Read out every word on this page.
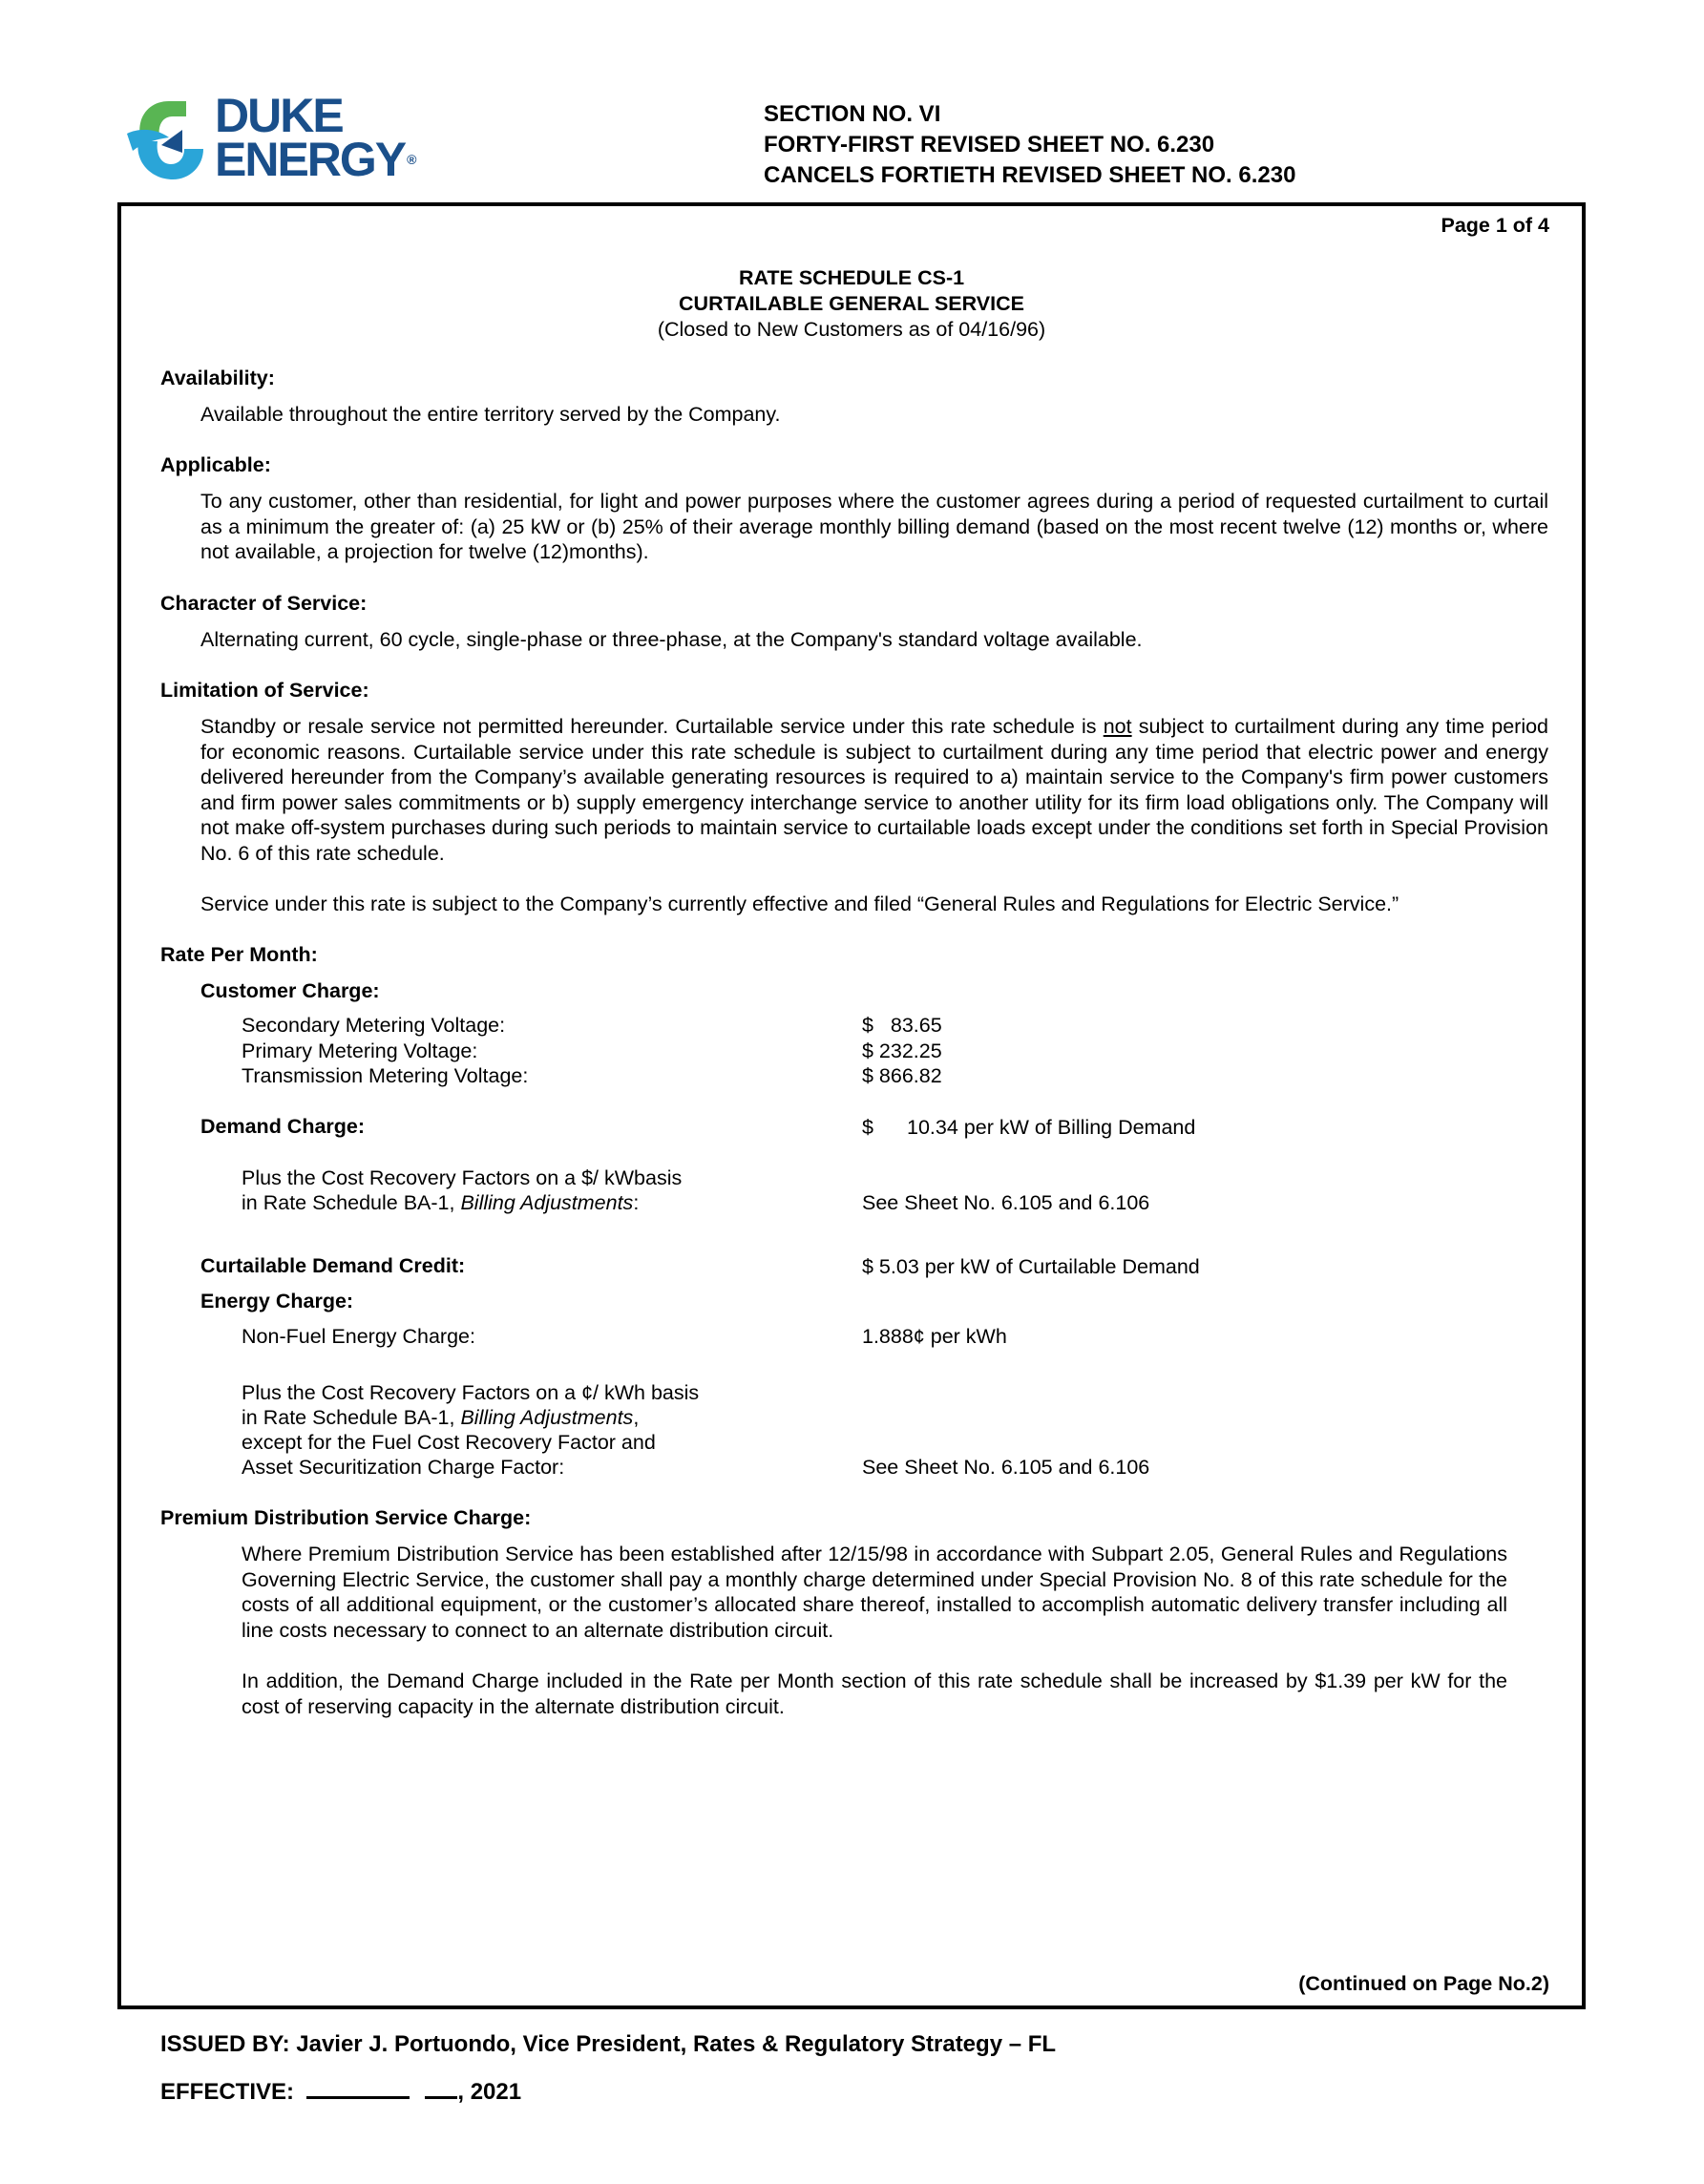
DUKE
ENERGY ®
SECTION NO. VI
FORTY-FIRST REVISED SHEET NO. 6.230
CANCELS FORTIETH REVISED SHEET NO. 6.230
Page 1 of 4
RATE SCHEDULE CS-1
CURTAILABLE GENERAL SERVICE
(Closed to New Customers as of 04/16/96)
Availability:
Available throughout the entire territory served by the Company.
Applicable:
To any customer, other than residential, for light and power purposes where the customer agrees during a period of requested curtailment to curtail as a minimum the greater of: (a) 25 kW or (b) 25% of their average monthly billing demand (based on the most recent twelve (12) months or, where not available, a projection for twelve (12)months).
Character of Service:
Alternating current, 60 cycle, single-phase or three-phase, at the Company's standard voltage available.
Limitation of Service:
Standby or resale service not permitted hereunder. Curtailable service under this rate schedule is not subject to curtailment during any time period for economic reasons. Curtailable service under this rate schedule is subject to curtailment during any time period that electric power and energy delivered hereunder from the Company’s available generating resources is required to a) maintain service to the Company's firm power customers and firm power sales commitments or b) supply emergency interchange service to another utility for its firm load obligations only. The Company will not make off-system purchases during such periods to maintain service to curtailable loads except under the conditions set forth in Special Provision No. 6 of this rate schedule.
Service under this rate is subject to the Company’s currently effective and filed “General Rules and Regulations for Electric Service.”
Rate Per Month:
Customer Charge:
Secondary Metering Voltage:	$   83.65
Primary Metering Voltage:	$ 232.25
Transmission Metering Voltage:	$ 866.82
Demand Charge:	$ 10.34 per kW of Billing Demand
Plus the Cost Recovery Factors on a $/ kWbasis
in Rate Schedule BA-1, Billing Adjustments:	See Sheet No. 6.105 and 6.106
Curtailable Demand Credit:	$ 5.03 per kW of Curtailable Demand
Energy Charge:
Non-Fuel Energy Charge:	1.888¢ per kWh
Plus the Cost Recovery Factors on a ¢/ kWh basis
in Rate Schedule BA-1, Billing Adjustments,
except for the Fuel Cost Recovery Factor and
Asset Securitization Charge Factor:	See Sheet No. 6.105 and 6.106
Premium Distribution Service Charge:
Where Premium Distribution Service has been established after 12/15/98 in accordance with Subpart 2.05, General Rules and Regulations Governing Electric Service, the customer shall pay a monthly charge determined under Special Provision No. 8 of this rate schedule for the costs of all additional equipment, or the customer’s allocated share thereof, installed to accomplish automatic delivery transfer including all line costs necessary to connect to an alternate distribution circuit.
In addition, the Demand Charge included in the Rate per Month section of this rate schedule shall be increased by $1.39 per kW for the cost of reserving capacity in the alternate distribution circuit.
(Continued on Page No.2)
ISSUED BY: Javier J. Portuondo, Vice President, Rates & Regulatory Strategy – FL
EFFECTIVE:	, 2021
